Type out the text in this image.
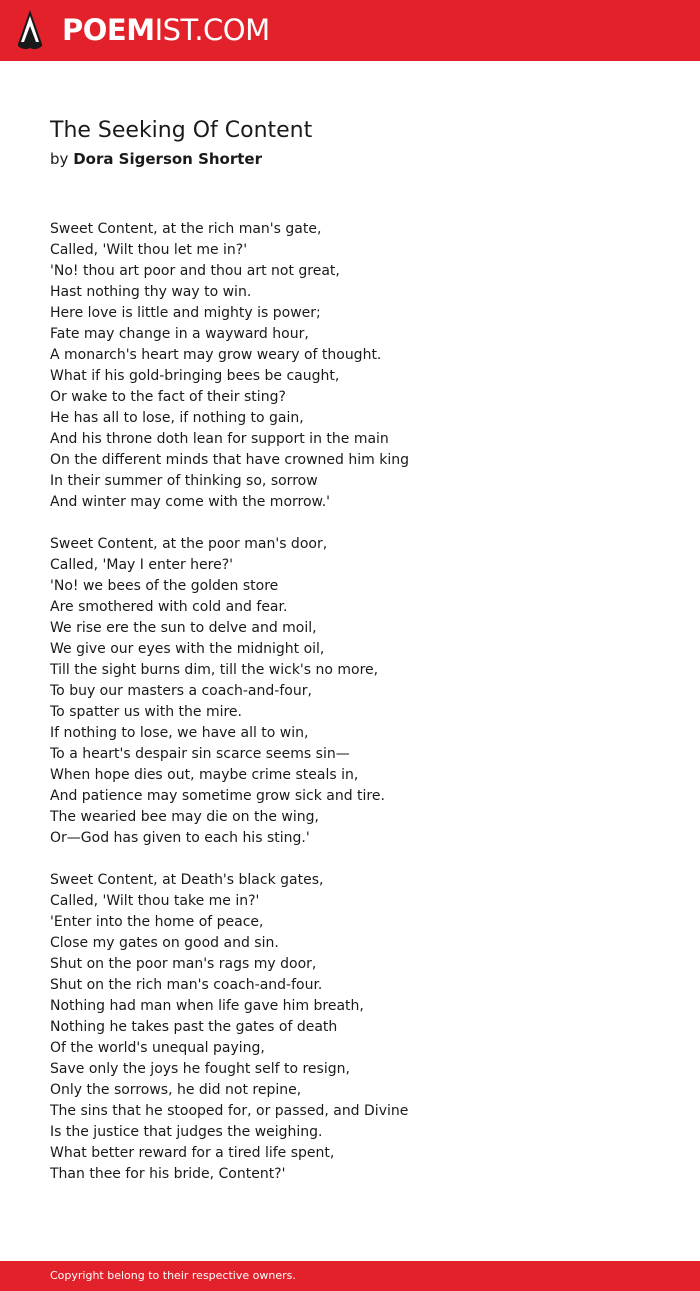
POEMIST.COM
The Seeking Of Content
by Dora Sigerson Shorter
Sweet Content, at the rich man's gate,
Called, 'Wilt thou let me in?'
'No! thou art poor and thou art not great,
Hast nothing thy way to win.
Here love is little and mighty is power;
Fate may change in a wayward hour,
A monarch's heart may grow weary of thought.
What if his gold-bringing bees be caught,
Or wake to the fact of their sting?
He has all to lose, if nothing to gain,
And his throne doth lean for support in the main
On the different minds that have crowned him king
In their summer of thinking so, sorrow
And winter may come with the morrow.'
Sweet Content, at the poor man's door,
Called, 'May I enter here?'
'No! we bees of the golden store
Are smothered with cold and fear.
We rise ere the sun to delve and moil,
We give our eyes with the midnight oil,
Till the sight burns dim, till the wick's no more,
To buy our masters a coach-and-four,
To spatter us with the mire.
If nothing to lose, we have all to win,
To a heart's despair sin scarce seems sin—
When hope dies out, maybe crime steals in,
And patience may sometime grow sick and tire.
The wearied bee may die on the wing,
Or—God has given to each his sting.'
Sweet Content, at Death's black gates,
Called, 'Wilt thou take me in?'
'Enter into the home of peace,
Close my gates on good and sin.
Shut on the poor man's rags my door,
Shut on the rich man's coach-and-four.
Nothing had man when life gave him breath,
Nothing he takes past the gates of death
Of the world's unequal paying,
Save only the joys he fought self to resign,
Only the sorrows, he did not repine,
The sins that he stooped for, or passed, and Divine
Is the justice that judges the weighing.
What better reward for a tired life spent,
Than thee for his bride, Content?'
Copyright belong to their respective owners.
